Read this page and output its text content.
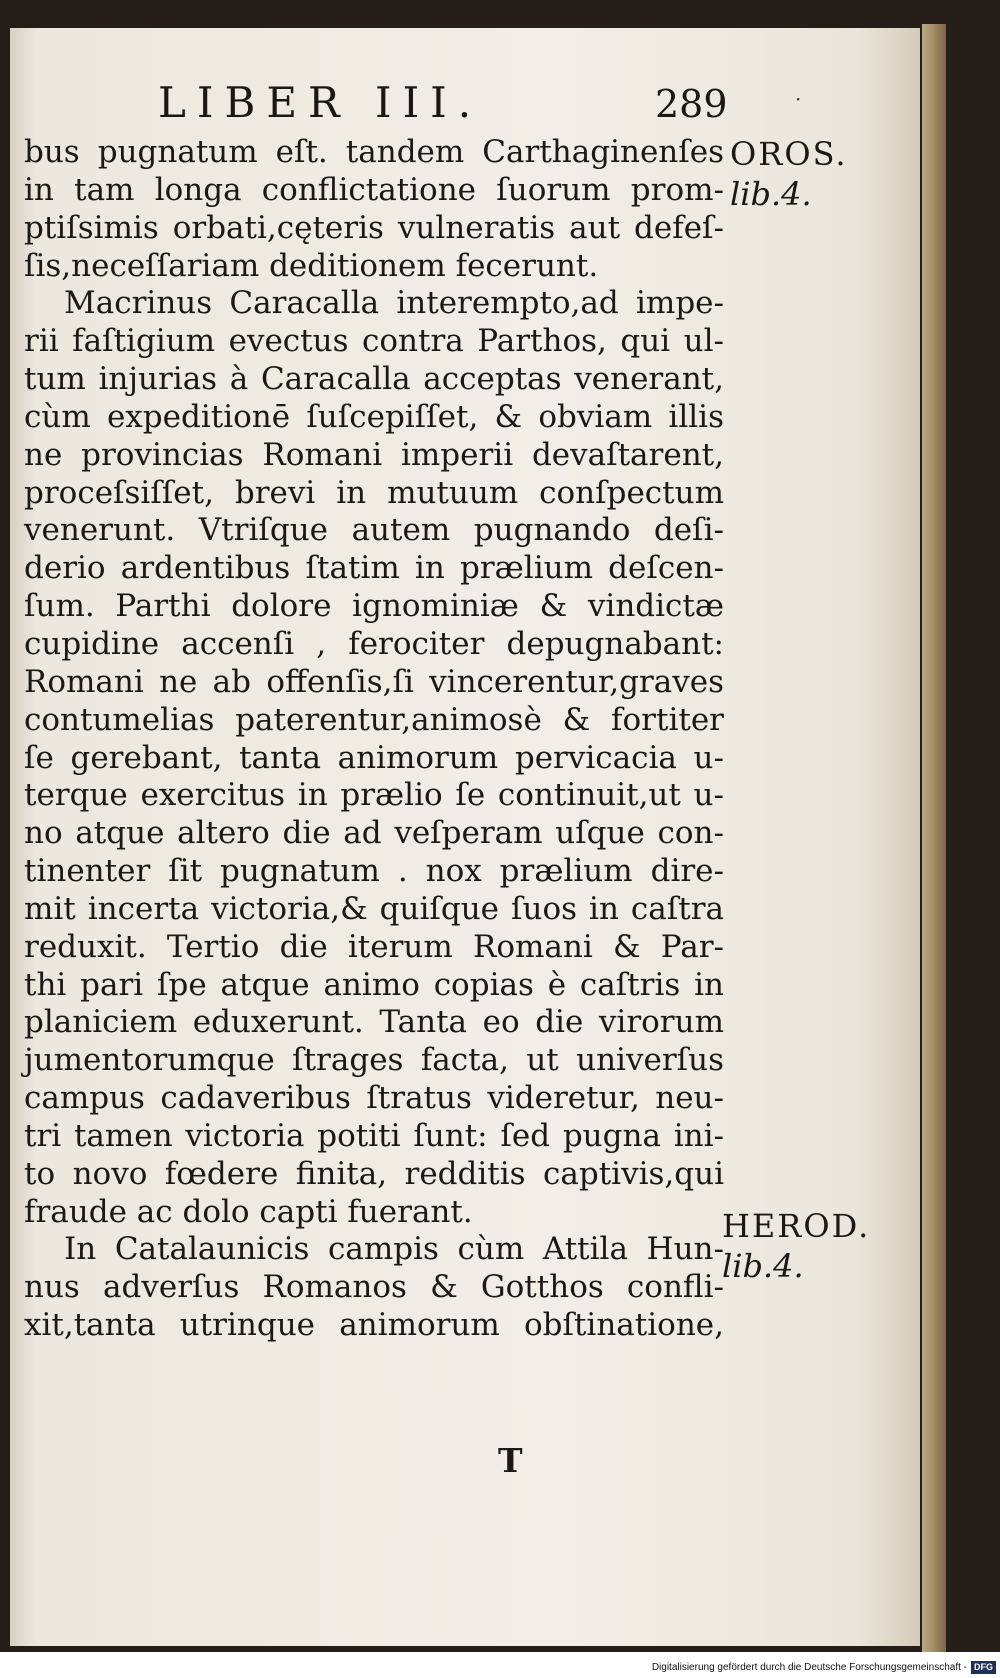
LIBER III.	289	·
bus pugnatum eſt. tandem Carthaginenſes
in tam longa conflictatione ſuorum prom-
ptiſsimis orbati,cęteris vulneratis aut defeſ-
ſis,neceſſariam deditionem fecerunt.
Macrinus Caracalla interempto,ad impe-
rii faſtigium evectus contra Parthos, qui ul-
tum injurias à Caracalla acceptas venerant,
cùm expeditionē ſuſcepiſſet, & obviam illis
ne provincias Romani imperii devaſtarent,
proceſsiſſet, brevi in mutuum conſpectum
venerunt. Vtriſque autem pugnando deſi-
derio ardentibus ſtatim in prælium deſcen-
ſum. Parthi dolore ignominiæ & vindictæ
cupidine accenſi , ferociter depugnabant:
Romani ne ab offenſis,ſi vincerentur,graves
contumelias paterentur,animosè & fortiter
ſe gerebant, tanta animorum pervicacia u-
terque exercitus in prælio ſe continuit,ut u-
no atque altero die ad veſperam uſque con-
tinenter ſit pugnatum . nox prælium dire-
mit incerta victoria,& quiſque ſuos in caſtra
reduxit. Tertio die iterum Romani & Par-
thi pari ſpe atque animo copias è caſtris in
planiciem eduxerunt. Tanta eo die virorum
jumentorumque ſtrages facta, ut univerſus
campus cadaveribus ſtratus videretur, neu-
tri tamen victoria potiti ſunt: ſed pugna ini-
to novo fœdere finita, redditis captivis,qui
fraude ac dolo capti fuerant.
In Catalaunicis campis cùm Attila Hun-
nus adverſus Romanos & Gotthos confli-
xit,tanta utrinque animorum obſtinatione,
OROS.
lib.4.
HEROD.
lib.4.
T
Digitalisierung gefördert durch die Deutsche Forschungsgemeinschaft - DFG
